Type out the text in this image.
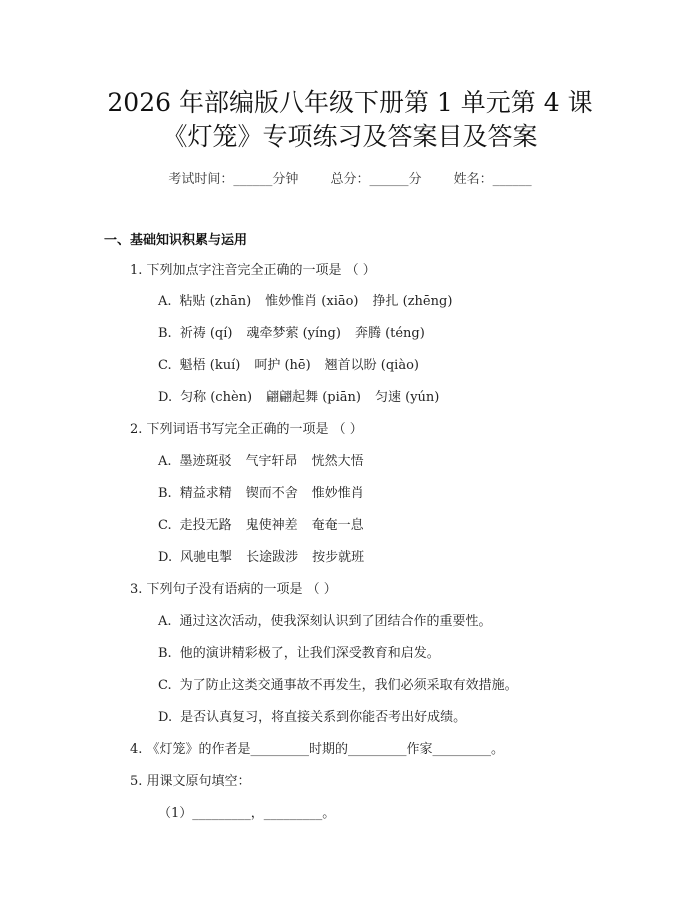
2026 年部编版八年级下册第 1 单元第 4 课
《灯笼》专项练习及答案目及答案
考试时间：______分钟 总分：______分 姓名：______
一、基础知识积累与运用
1. 下列加点字注音完全正确的一项是 （ ）
A. 粘贴 (zhān) 惟妙惟肖 (xiāo) 挣扎 (zhēng)
B. 祈祷 (qí) 魂牵梦萦 (yíng) 奔腾 (téng)
C. 魁梧 (kuí) 呵护 (hē) 翘首以盼 (qiào)
D. 匀称 (chèn) 翩翩起舞 (piān) 匀速 (yún)
2. 下列词语书写完全正确的一项是 （ ）
A. 墨迹斑驳 气宇轩昂 恍然大悟
B. 精益求精 锲而不舍 惟妙惟肖
C. 走投无路 鬼使神差 奄奄一息
D. 风驰电掣 长途跋涉 按步就班
3. 下列句子没有语病的一项是 （ ）
A. 通过这次活动，使我深刻认识到了团结合作的重要性。
B. 他的演讲精彩极了，让我们深受教育和启发。
C. 为了防止这类交通事故不再发生，我们必须采取有效措施。
D. 是否认真复习，将直接关系到你能否考出好成绩。
4. 《灯笼》的作者是_________时期的_________作家_________。
5. 用课文原句填空：
（1）_________，_________。
